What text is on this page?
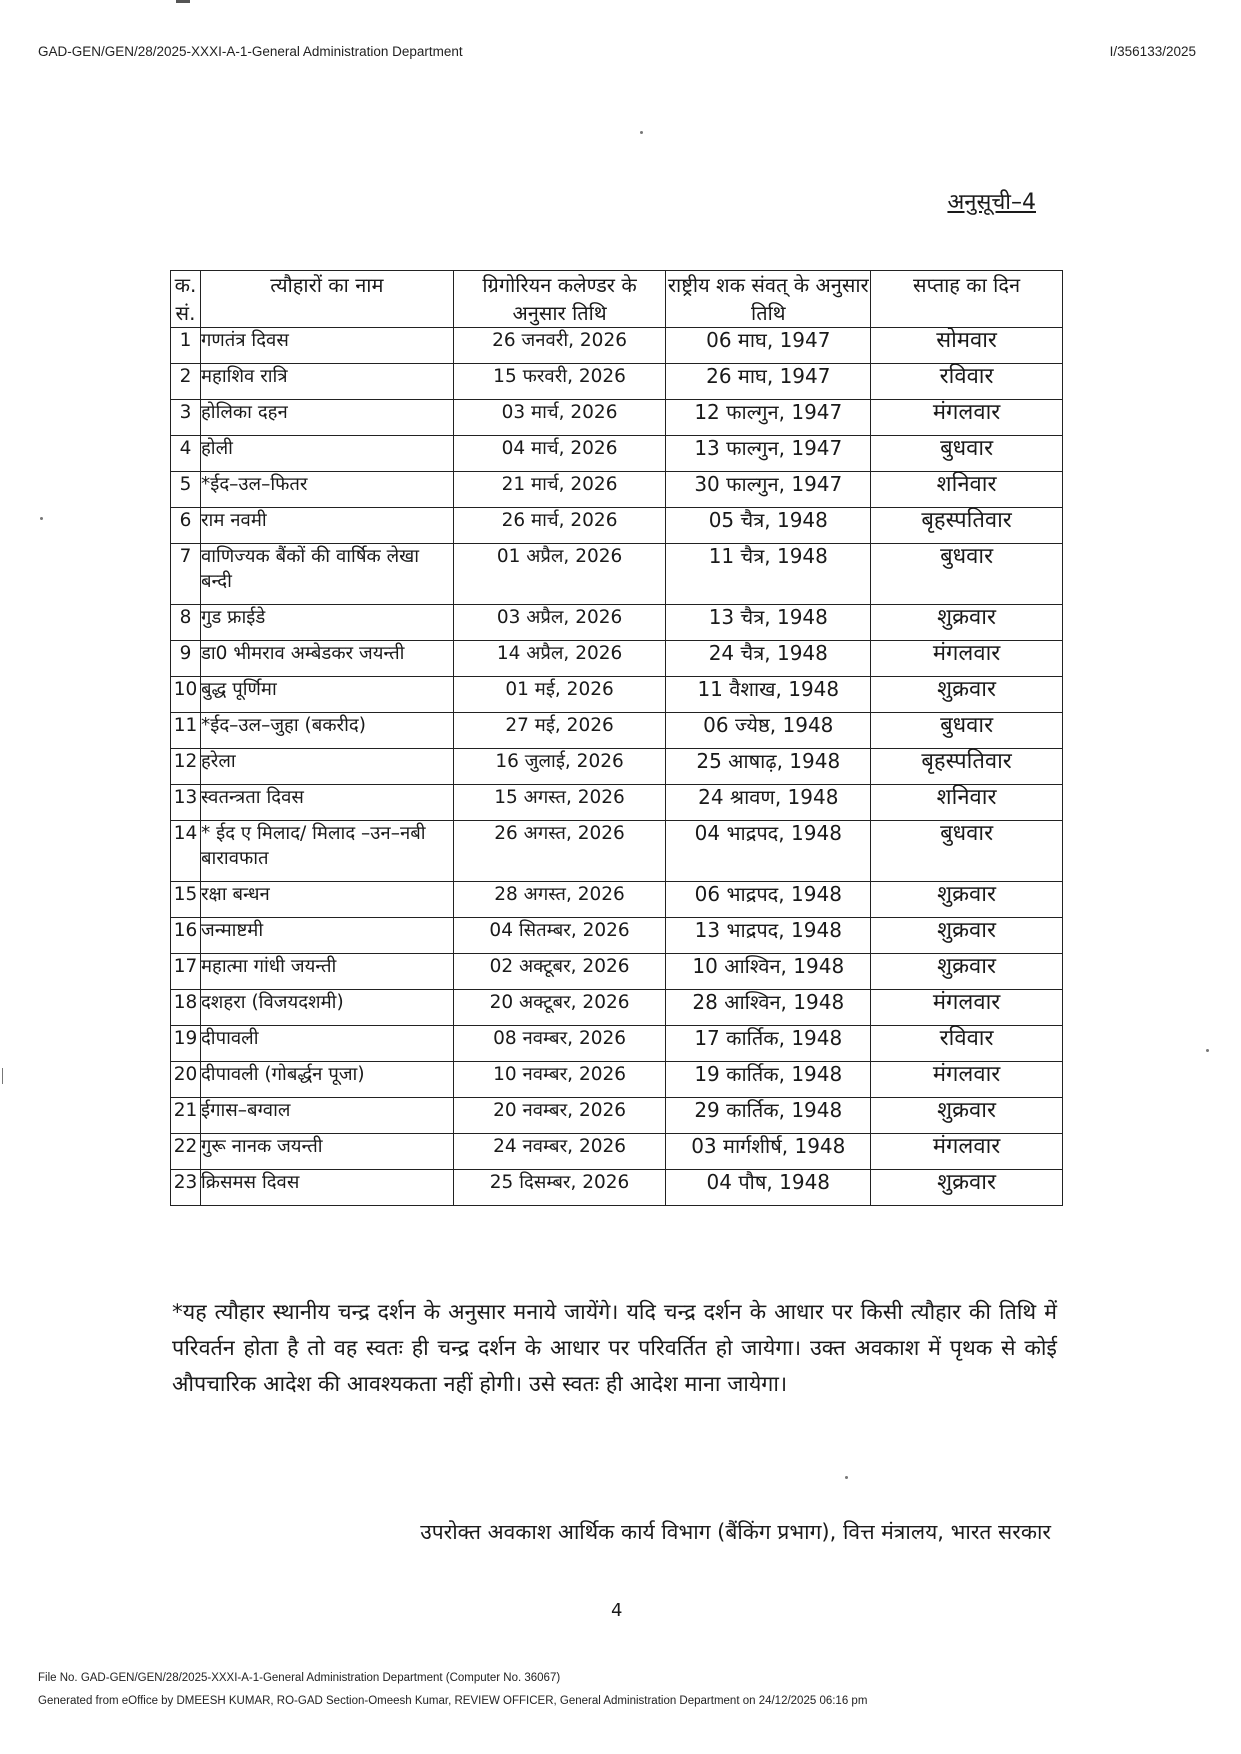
GAD-GEN/GEN/28/2025-XXXI-A-1-General Administration Department	I/356133/2025
अनुसूची–4
क. सं.	त्यौहारों का नाम	ग्रिगोरियन कलेण्डर के अनुसार तिथि	राष्ट्रीय शक संवत् के अनुसार तिथि	सप्ताह का दिन
1	गणतंत्र दिवस	26 जनवरी, 2026	06 माघ, 1947	सोमवार
2	महाशिव रात्रि	15 फरवरी, 2026	26 माघ, 1947	रविवार
3	होलिका दहन	03 मार्च, 2026	12 फाल्गुन, 1947	मंगलवार
4	होली	04 मार्च, 2026	13 फाल्गुन, 1947	बुधवार
5	*ईद–उल–फितर	21 मार्च, 2026	30 फाल्गुन, 1947	शनिवार
6	राम नवमी	26 मार्च, 2026	05 चैत्र, 1948	बृहस्पतिवार
7	वाणिज्यक बैंकों की वार्षिक लेखा बन्दी	01 अप्रैल, 2026	11 चैत्र, 1948	बुधवार
8	गुड फ्राईडे	03 अप्रैल, 2026	13 चैत्र, 1948	शुक्रवार
9	डा0 भीमराव अम्बेडकर जयन्ती	14 अप्रैल, 2026	24 चैत्र, 1948	मंगलवार
10	बुद्ध पूर्णिमा	01 मई, 2026	11 वैशाख, 1948	शुक्रवार
11	*ईद–उल–जुहा (बकरीद)	27 मई, 2026	06 ज्येष्ठ, 1948	बुधवार
12	हरेला	16 जुलाई, 2026	25 आषाढ़, 1948	बृहस्पतिवार
13	स्वतन्त्रता दिवस	15 अगस्त, 2026	24 श्रावण, 1948	शनिवार
14	* ईद ए मिलाद/ मिलाद –उन–नबी बारावफात	26 अगस्त, 2026	04 भाद्रपद, 1948	बुधवार
15	रक्षा बन्धन	28 अगस्त, 2026	06 भाद्रपद, 1948	शुक्रवार
16	जन्माष्टमी	04 सितम्बर, 2026	13 भाद्रपद, 1948	शुक्रवार
17	महात्मा गांधी जयन्ती	02 अक्टूबर, 2026	10 आश्विन, 1948	शुक्रवार
18	दशहरा (विजयदशमी)	20 अक्टूबर, 2026	28 आश्विन, 1948	मंगलवार
19	दीपावली	08 नवम्बर, 2026	17 कार्तिक, 1948	रविवार
20	दीपावली (गोबर्द्धन पूजा)	10 नवम्बर, 2026	19 कार्तिक, 1948	मंगलवार
21	ईगास–बग्वाल	20 नवम्बर, 2026	29 कार्तिक, 1948	शुक्रवार
22	गुरू नानक जयन्ती	24 नवम्बर, 2026	03 मार्गशीर्ष, 1948	मंगलवार
23	क्रिसमस दिवस	25 दिसम्बर, 2026	04 पौष, 1948	शुक्रवार
*यह त्यौहार स्थानीय चन्द्र दर्शन के अनुसार मनाये जायेंगे। यदि चन्द्र दर्शन के आधार पर किसी त्यौहार की तिथि में परिवर्तन होता है तो वह स्वतः ही चन्द्र दर्शन के आधार पर परिवर्तित हो जायेगा। उक्त अवकाश में पृथक से कोई औपचारिक आदेश की आवश्यकता नहीं होगी। उसे स्वतः ही आदेश माना जायेगा।
उपरोक्त अवकाश आर्थिक कार्य विभाग (बैंकिंग प्रभाग), वित्त मंत्रालय, भारत सरकार
4
File No. GAD-GEN/GEN/28/2025-XXXI-A-1-General Administration Department (Computer No. 36067)
Generated from eOffice by DMEESH KUMAR, RO-GAD Section-Omeesh Kumar, REVIEW OFFICER, General Administration Department on 24/12/2025 06:16 pm
